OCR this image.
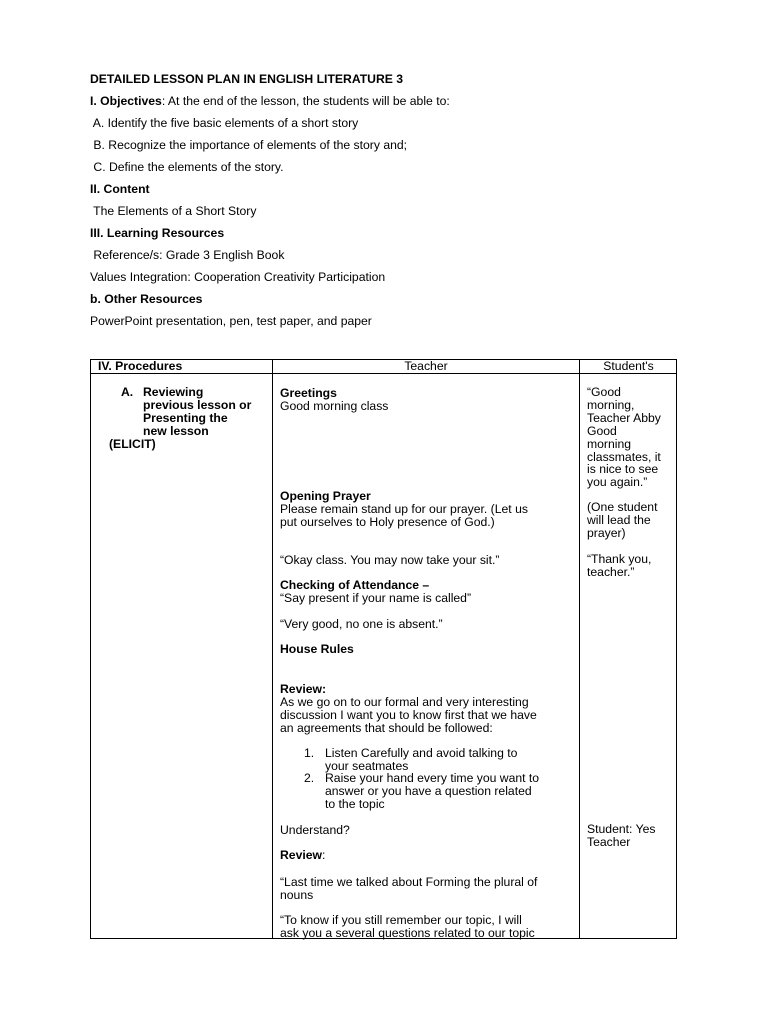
DETAILED LESSON PLAN IN ENGLISH LITERATURE 3
I. Objectives: At the end of the lesson, the students will be able to:
A. Identify the five basic elements of a short story
B. Recognize the importance of elements of the story and;
C. Define the elements of the story.
II. Content
The Elements of a Short Story
III. Learning Resources
Reference/s: Grade 3 English Book
Values Integration: Cooperation Creativity Participation
b. Other Resources
PowerPoint presentation, pen, test paper, and paper
IV. Procedures	Teacher	Student's
A. Reviewing
previous lesson or
Presenting the
new lesson
(ELICIT)
Greetings
Good morning class
Opening Prayer
Please remain stand up for our prayer. (Let us
put ourselves to Holy presence of God.)
“Okay class. You may now take your sit.”
Checking of Attendance –
“Say present if your name is called”
“Very good, no one is absent.”
House Rules
Review:
As we go on to our formal and very interesting
discussion I want you to know first that we have
an agreements that should be followed:
1. Listen Carefully and avoid talking to
your seatmates
2. Raise your hand every time you want to
answer or you have a question related
to the topic
Understand?
Review:
“Last time we talked about Forming the plural of
nouns
“To know if you still remember our topic, I will
ask you a several questions related to our topic
“Good
morning,
Teacher Abby
Good
morning
classmates, it
is nice to see
you again.”
(One student
will lead the
prayer)
“Thank you,
teacher.”
Student: Yes
Teacher
